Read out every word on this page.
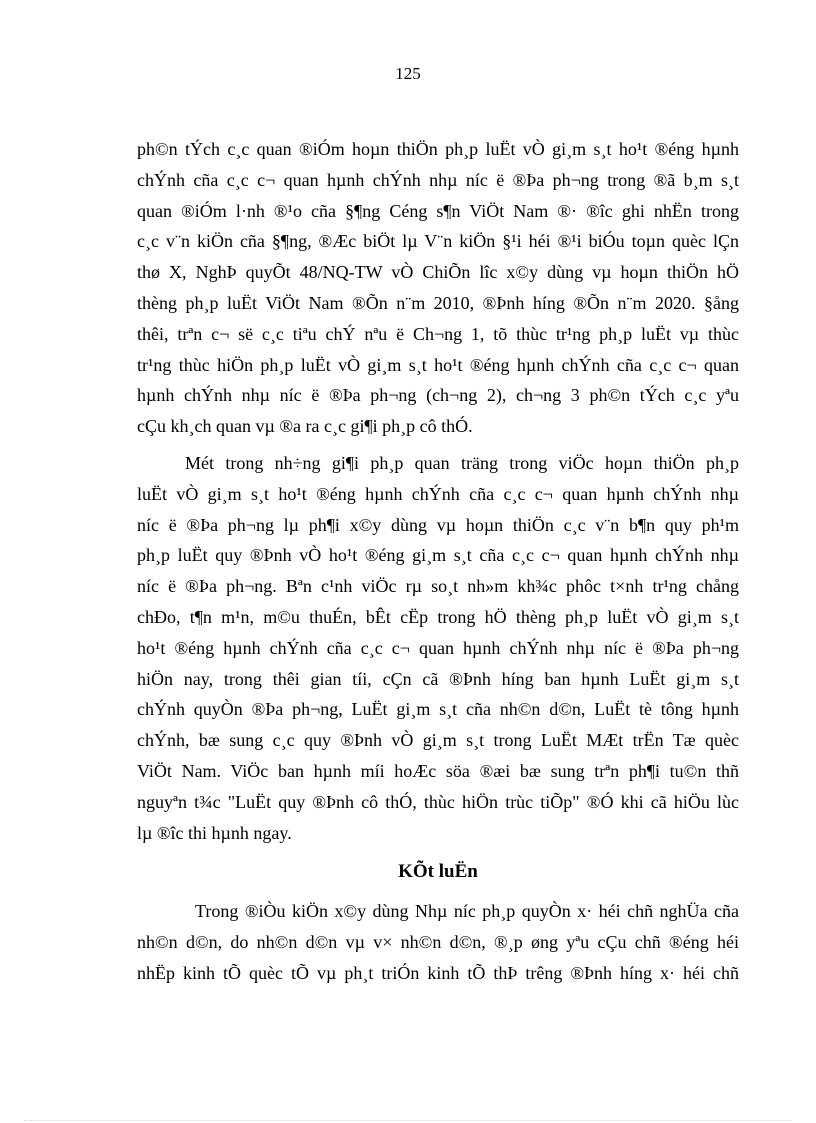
125
ph©n tÝch c¸c quan ®iÓm hoµn thiÖn ph¸p luËt vÒ gi¸m s¸t ho¹t ®éng hµnh
chÝnh cña c¸c c¬ quan hµnh chÝnh nhµ níc ë ®Þa ph¬ng trong ®ã b¸m s¸t
quan ®iÓm l·nh ®¹o cña §¶ng Céng s¶n ViÖt Nam ®· ®îc ghi nhËn trong
c¸c v¨n kiÖn cña §¶ng, ®Æc biÖt lµ V¨n kiÖn §¹i héi ®¹i biÓu toµn quèc lÇn
thø X, NghÞ quyÕt 48/NQ-TW vÒ ChiÕn lîc x©y dùng vµ hoµn thiÖn hÖ
thèng ph¸p luËt ViÖt Nam ®Õn n¨m 2010, ®Þnh híng ®Õn n¨m 2020. §ång
thêi, trªn c¬ së c¸c tiªu chÝ nªu ë Ch¬ng 1, tõ thùc tr¹ng ph¸p luËt vµ thùc
tr¹ng thùc hiÖn ph¸p luËt vÒ gi¸m s¸t ho¹t ®éng hµnh chÝnh cña c¸c c¬ quan
hµnh chÝnh nhµ níc ë ®Þa ph¬ng (ch¬ng 2), ch¬ng 3 ph©n tÝch c¸c yªu
cÇu kh¸ch quan vµ ®a ra c¸c gi¶i ph¸p cô thÓ.
Mét trong nh÷ng gi¶i ph¸p quan träng trong viÖc hoµn thiÖn ph¸p
luËt vÒ gi¸m s¸t ho¹t ®éng hµnh chÝnh cña c¸c c¬ quan hµnh chÝnh nhµ
níc ë ®Þa ph¬ng lµ ph¶i x©y dùng vµ hoµn thiÖn c¸c v¨n b¶n quy ph¹m
ph¸p luËt quy ®Þnh vÒ ho¹t ®éng gi¸m s¸t cña c¸c c¬ quan hµnh chÝnh nhµ
níc ë ®Þa ph¬ng. Bªn c¹nh viÖc rµ so¸t nh»m kh¾c phôc t×nh tr¹ng chång
chÐo, t¶n m¹n, m©u thuÉn, bÊt cËp trong hÖ thèng ph¸p luËt vÒ gi¸m s¸t
ho¹t ®éng hµnh chÝnh cña c¸c c¬ quan hµnh chÝnh nhµ níc ë ®Þa ph¬ng
hiÖn nay, trong thêi gian tíi, cÇn cã ®Þnh híng ban hµnh LuËt gi¸m s¸t
chÝnh quyÒn ®Þa ph¬ng, LuËt gi¸m s¸t cña nh©n d©n, LuËt tè tông hµnh
chÝnh, bæ sung c¸c quy ®Þnh vÒ gi¸m s¸t trong LuËt MÆt trËn Tæ quèc
ViÖt Nam. ViÖc ban hµnh míi hoÆc söa ®æi bæ sung trªn ph¶i tu©n thñ
nguyªn t¾c "LuËt quy ®Þnh cô thÓ, thùc hiÖn trùc tiÕp" ®Ó khi cã hiÖu lùc
lµ ®îc thi hµnh ngay.
KÕt luËn
Trong ®iÒu kiÖn x©y dùng Nhµ níc ph¸p quyÒn x· héi chñ nghÜa cña
nh©n d©n, do nh©n d©n vµ v× nh©n d©n, ®¸p øng yªu cÇu chñ ®éng héi
nhËp kinh tÕ quèc tÕ vµ ph¸t triÓn kinh tÕ thÞ trêng ®Þnh híng x· héi chñ
